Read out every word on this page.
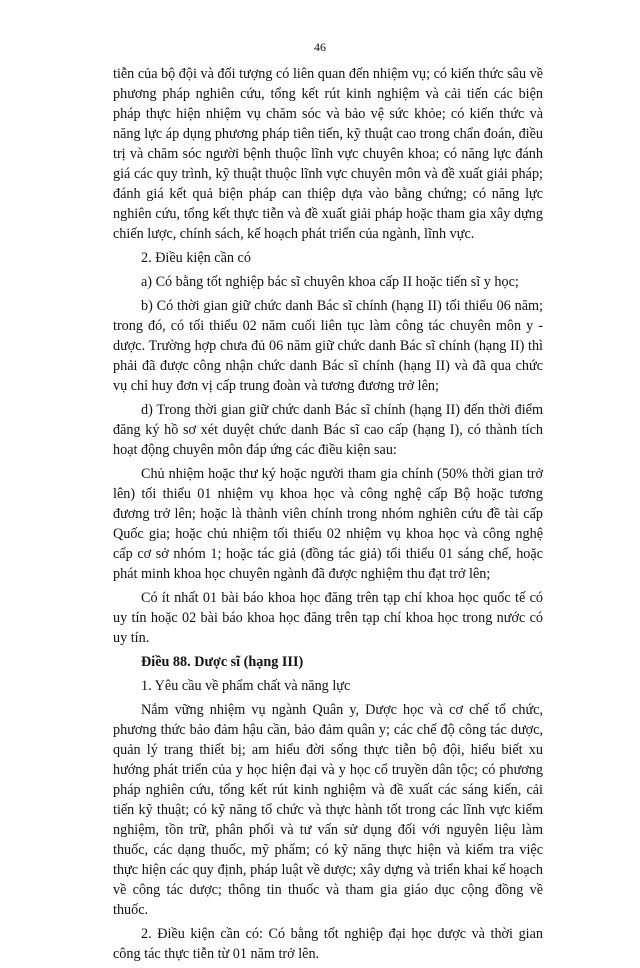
46

tiễn của bộ đội và đối tượng có liên quan đến nhiệm vụ; có kiến thức sâu về phương pháp nghiên cứu, tổng kết rút kinh nghiệm và cải tiến các biện pháp thực hiện nhiệm vụ chăm sóc và bảo vệ sức khỏe; có kiến thức và năng lực áp dụng phương pháp tiên tiến, kỹ thuật cao trong chẩn đoán, điều trị và chăm sóc người bệnh thuộc lĩnh vực chuyên khoa; có năng lực đánh giá các quy trình, kỹ thuật thuộc lĩnh vực chuyên môn và đề xuất giải pháp; đánh giá kết quả biện pháp can thiệp dựa vào bằng chứng; có năng lực nghiên cứu, tổng kết thực tiễn và đề xuất giải pháp hoặc tham gia xây dựng chiến lược, chính sách, kế hoạch phát triển của ngành, lĩnh vực.

2. Điều kiện cần có

a) Có bằng tốt nghiệp bác sĩ chuyên khoa cấp II hoặc tiến sĩ y học;

b) Có thời gian giữ chức danh Bác sĩ chính (hạng II) tối thiểu 06 năm; trong đó, có tối thiểu 02 năm cuối liên tục làm công tác chuyên môn y - dược. Trường hợp chưa đủ 06 năm giữ chức danh Bác sĩ chính (hạng II) thì phải đã được công nhận chức danh Bác sĩ chính (hạng II) và đã qua chức vụ chỉ huy đơn vị cấp trung đoàn và tương đương trở lên;

d) Trong thời gian giữ chức danh Bác sĩ chính (hạng II) đến thời điểm đăng ký hồ sơ xét duyệt chức danh Bác sĩ cao cấp (hạng I), có thành tích hoạt động chuyên môn đáp ứng các điều kiện sau:

Chủ nhiệm hoặc thư ký hoặc người tham gia chính (50% thời gian trở lên) tối thiểu 01 nhiệm vụ khoa học và công nghệ cấp Bộ hoặc tương đương trở lên; hoặc là thành viên chính trong nhóm nghiên cứu đề tài cấp Quốc gia; hoặc chủ nhiệm tối thiểu 02 nhiệm vụ khoa học và công nghệ cấp cơ sở nhóm 1; hoặc tác giả (đồng tác giả) tối thiểu 01 sáng chế, hoặc phát minh khoa học chuyên ngành đã được nghiệm thu đạt trở lên;

Có ít nhất 01 bài báo khoa học đăng trên tạp chí khoa học quốc tế có uy tín hoặc 02 bài báo khoa học đăng trên tạp chí khoa học trong nước có uy tín.

Điều 88. Dược sĩ (hạng III)

1. Yêu cầu về phẩm chất và năng lực

Nắm vững nhiệm vụ ngành Quân y, Dược học và cơ chế tổ chức, phương thức bảo đảm hậu cần, bảo đảm quân y; các chế độ công tác dược, quản lý trang thiết bị; am hiểu đời sống thực tiễn bộ đội, hiểu biết xu hướng phát triển của y học hiện đại và y học cổ truyền dân tộc; có phương pháp nghiên cứu, tổng kết rút kinh nghiệm và đề xuất các sáng kiến, cải tiến kỹ thuật; có kỹ năng tổ chức và thực hành tốt trong các lĩnh vực kiểm nghiệm, tồn trữ, phân phối và tư vấn sử dụng đối với nguyên liệu làm thuốc, các dạng thuốc, mỹ phẩm; có kỹ năng thực hiện và kiểm tra việc thực hiện các quy định, pháp luật về dược; xây dựng và triển khai kế hoạch về công tác dược; thông tin thuốc và tham gia giáo dục cộng đồng về thuốc.

2. Điều kiện cần có: Có bằng tốt nghiệp đại học dược và thời gian công tác thực tiễn từ 01 năm trở lên.
